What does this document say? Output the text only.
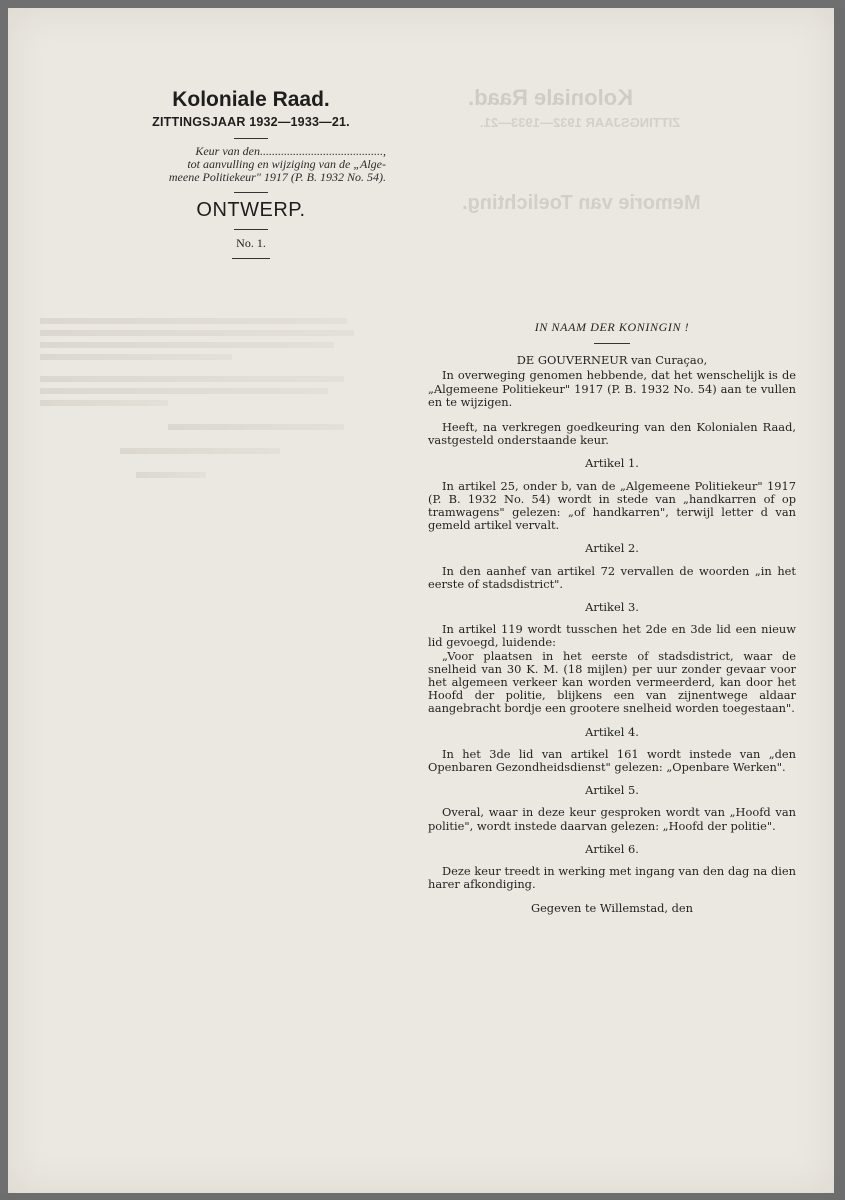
Koloniale Raad.
ZITTINGSJAAR 1932—1933—21.
Memorie van Toelichting.
Koloniale Raad.
ZITTINGSJAAR 1932—1933—21.
Keur van den.........................................,
tot aanvulling en wijziging van de „Alge-
meene Politiekeur" 1917 (P. B. 1932 No. 54).
ONTWERP.
No. 1.
IN NAAM DER KONINGIN !
DE GOUVERNEUR van Curaçao,

In overweging genomen hebbende, dat het wenschelijk is de „Algemeene Politiekeur" 1917 (P. B. 1932 No. 54) aan te vullen en te wijzigen.

Heeft, na verkregen goedkeuring van den Kolonialen Raad, vastgesteld onderstaande keur.

Artikel 1.

In artikel 25, onder b, van de „Algemeene Politiekeur" 1917 (P. B. 1932 No. 54) wordt in stede van „handkarren of op tramwagens" gelezen: „of handkarren", terwijl letter d van gemeld artikel vervalt.

Artikel 2.

In den aanhef van artikel 72 vervallen de woorden „in het eerste of stadsdistrict".

Artikel 3.

In artikel 119 wordt tusschen het 2de en 3de lid een nieuw lid gevoegd, luidende:

„Voor plaatsen in het eerste of stadsdistrict, waar de snelheid van 30 K. M. (18 mijlen) per uur zonder gevaar voor het algemeen verkeer kan worden vermeerderd, kan door het Hoofd der politie, blijkens een van zijnentwege aldaar aangebracht bordje een grootere snelheid worden toegestaan".

Artikel 4.

In het 3de lid van artikel 161 wordt instede van „den Openbaren Gezondheidsdienst" gelezen: „Openbare Werken".

Artikel 5.

Overal, waar in deze keur gesproken wordt van „Hoofd van politie", wordt instede daarvan gelezen: „Hoofd der politie".

Artikel 6.

Deze keur treedt in werking met ingang van den dag na dien harer afkondiging.

Gegeven te Willemstad, den
